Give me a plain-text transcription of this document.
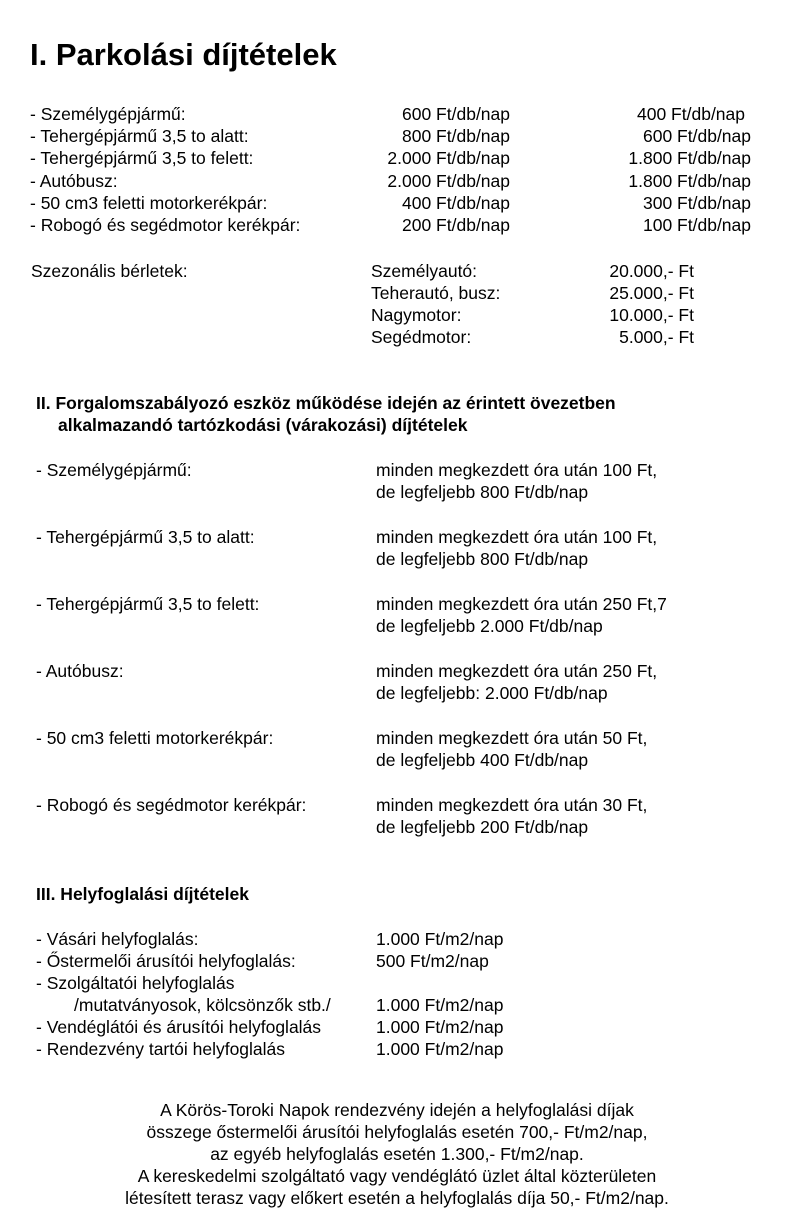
I. Parkolási díjtételek
- Személygépjármű:	600 Ft/db/nap	400 Ft/db/nap
- Tehergépjármű 3,5 to alatt:	800 Ft/db/nap	600 Ft/db/nap
- Tehergépjármű 3,5 to felett:	2.000 Ft/db/nap	1.800 Ft/db/nap
- Autóbusz:	2.000 Ft/db/nap	1.800 Ft/db/nap
- 50 cm3 feletti motorkerékpár:	400 Ft/db/nap	300 Ft/db/nap
- Robogó és segédmotor kerékpár:	200 Ft/db/nap	100 Ft/db/nap
Szezonális bérletek:	Személyautó:	20.000,- Ft
Teherautó, busz:	25.000,- Ft
Nagymotor:	10.000,- Ft
Segédmotor:	5.000,- Ft
II. Forgalomszabályozó eszköz működése idején az érintett övezetben
alkalmazandó tartózkodási (várakozási) díjtételek
- Személygépjármű:	minden megkezdett óra után 100 Ft,
de legfeljebb 800 Ft/db/nap
- Tehergépjármű 3,5 to alatt:	minden megkezdett óra után 100 Ft,
de legfeljebb 800 Ft/db/nap
- Tehergépjármű 3,5 to felett:	minden megkezdett óra után 250 Ft,7
de legfeljebb 2.000 Ft/db/nap
- Autóbusz:	minden megkezdett óra után 250 Ft,
de legfeljebb: 2.000 Ft/db/nap
- 50 cm3 feletti motorkerékpár:	minden megkezdett óra után 50 Ft,
de legfeljebb 400 Ft/db/nap
- Robogó és segédmotor kerékpár:	minden megkezdett óra után 30 Ft,
de legfeljebb 200 Ft/db/nap
III. Helyfoglalási díjtételek
- Vásári helyfoglalás:	1.000 Ft/m2/nap
- Őstermelői árusítói helyfoglalás:	500 Ft/m2/nap
- Szolgáltatói helyfoglalás
/mutatványosok, kölcsönzők stb./	1.000 Ft/m2/nap
- Vendéglátói és árusítói helyfoglalás	1.000 Ft/m2/nap
- Rendezvény tartói helyfoglalás	1.000 Ft/m2/nap
A Körös-Toroki Napok rendezvény idején a helyfoglalási díjak
összege őstermelői árusítói helyfoglalás esetén 700,- Ft/m2/nap,
az egyéb helyfoglalás esetén 1.300,- Ft/m2/nap.
A kereskedelmi szolgáltató vagy vendéglátó üzlet által közterületen
létesített terasz vagy előkert esetén a helyfoglalás díja 50,- Ft/m2/nap.
